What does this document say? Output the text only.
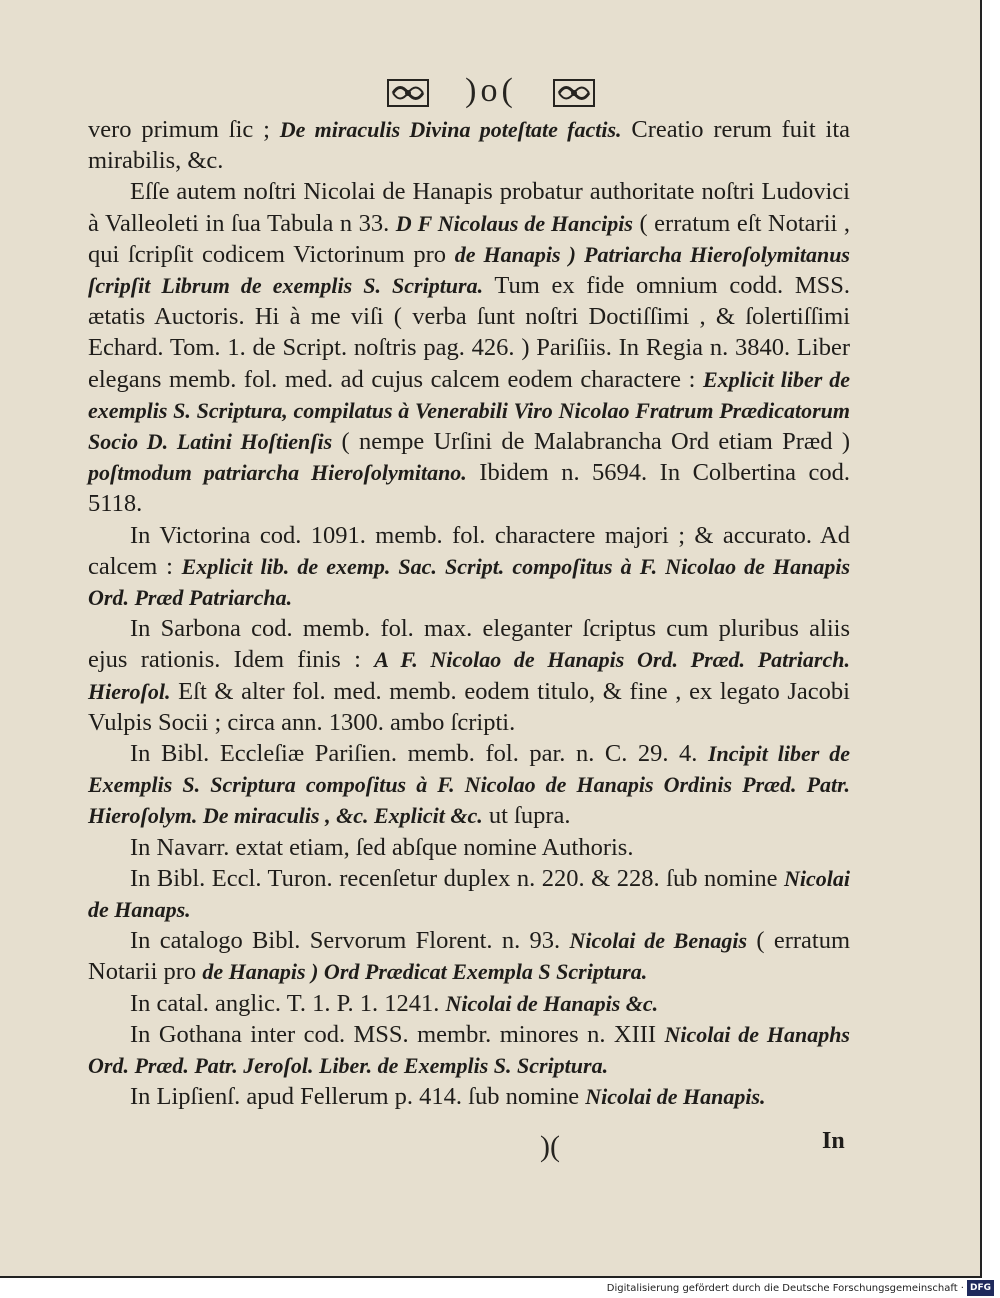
)o(

vero primum ſic ; De miraculis Divina poteſtate factis. Creatio rerum fuit ita mirabilis, &c.

Eſſe autem noſtri Nicolai de Hanapis probatur authoritate noſtri Ludovici à Valleoleti in ſua Tabula n 33. D F Nicolaus de Hancipis ( erratum eſt Notarii , qui ſcripſit codicem Victorinum pro de Hanapis ) Patriarcha Hieroſolymitanus ſcripſit Librum de exemplis S. Scriptura. Tum ex fide omnium codd. MSS. ætatis Auctoris. Hi à me viſi ( verba ſunt noſtri Doctiſſimi , & ſolertiſſimi Echard. Tom. 1. de Script. noſtris pag. 426. ) Pariſiis. In Regia n. 3840. Liber elegans memb. fol. med. ad cujus calcem eodem charactere : Explicit liber de exemplis S. Scriptura, compilatus à Venerabili Viro Nicolao Fratrum Prædicatorum Socio D. Latini Hoſtienſis ( nempe Urſini de Malabrancha Ord etiam Præd ) poſtmodum patriarcha Hieroſolymitano. Ibidem n. 5694. In Colbertina cod. 5118.

In Victorina cod. 1091. memb. fol. charactere majori ; & accurato. Ad calcem : Explicit lib. de exemp. Sac. Script. compoſitus à F. Nicolao de Hanapis Ord. Præd Patriarcha.

In Sarbona cod. memb. fol. max. eleganter ſcriptus cum pluribus aliis ejus rationis. Idem finis : A F. Nicolao de Hanapis Ord. Præd. Patriarch. Hieroſol. Eſt & alter fol. med. memb. eodem titulo, & fine , ex legato Jacobi Vulpis Socii ; circa ann. 1300. ambo ſcripti.

In Bibl. Eccleſiæ Pariſien. memb. fol. par. n. C. 29. 4. Incipit liber de Exemplis S. Scriptura compoſitus à F. Nicolao de Hanapis Ordinis Præd. Patr. Hieroſolym. De miraculis , &c. Explicit &c. ut ſupra.

In Navarr. extat etiam, ſed abſque nomine Authoris.

In Bibl. Eccl. Turon. recenſetur duplex n. 220. & 228. ſub nomine Nicolai de Hanaps.

In catalogo Bibl. Servorum Florent. n. 93. Nicolai de Benagis ( erratum Notarii pro de Hanapis ) Ord Prædicat Exempla S Scriptura.

In catal. anglic. T. 1. P. 1. 1241. Nicolai de Hanapis &c.

In Gothana inter cod. MSS. membr. minores n. XIII Nicolai de Hanaphs Ord. Præd. Patr. Jeroſol. Liber. de Exemplis S. Scriptura.

In Lipſienſ. apud Fellerum p. 414. ſub nomine Nicolai de Hanapis.

)(	In
Digitalisierung gefördert durch die Deutsche Forschungsgemeinschaft · DFG
